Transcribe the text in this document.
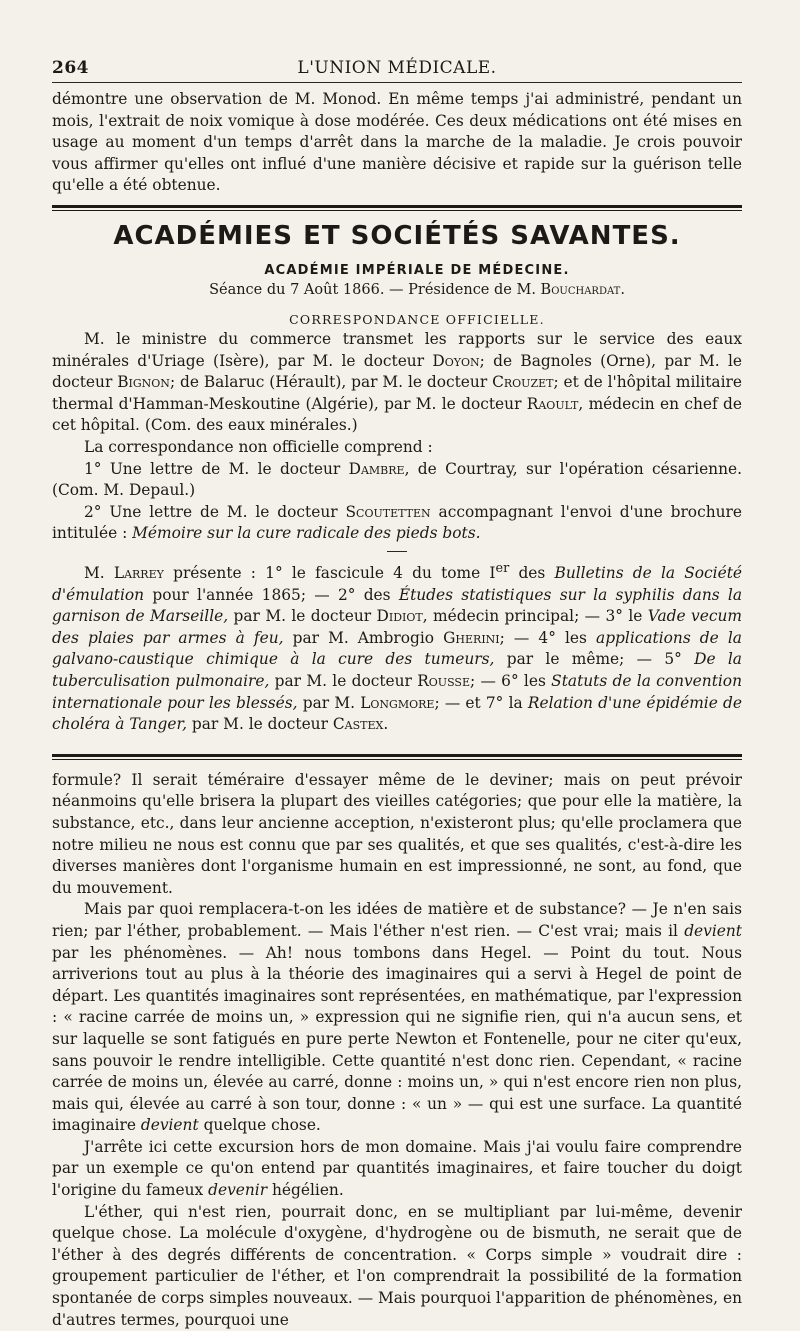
264	L'UNION MÉDICALE.

démontre une observation de M. Monod. En même temps j'ai administré, pendant un mois, l'extrait de noix vomique à dose modérée. Ces deux médications ont été mises en usage au moment d'un temps d'arrêt dans la marche de la maladie. Je crois pouvoir vous affirmer qu'elles ont influé d'une manière décisive et rapide sur la guérison telle qu'elle a été obtenue.

ACADÉMIES ET SOCIÉTÉS SAVANTES.
ACADÉMIE IMPÉRIALE DE MÉDECINE.
Séance du 7 Août 1866. — Présidence de M. Bouchardat.
CORRESPONDANCE OFFICIELLE.

M. le ministre du commerce transmet les rapports sur le service des eaux minérales d'Uriage (Isère), par M. le docteur Doyon; de Bagnoles (Orne), par M. le docteur Bignon; de Balaruc (Hérault), par M. le docteur Crouzet; et de l'hôpital militaire thermal d'Hamman-Meskoutine (Algérie), par M. le docteur Raoult, médecin en chef de cet hôpital. (Com. des eaux minérales.)

La correspondance non officielle comprend :

1° Une lettre de M. le docteur Dambre, de Courtray, sur l'opération césarienne. (Com. M. Depaul.)

2° Une lettre de M. le docteur Scoutetten accompagnant l'envoi d'une brochure intitulée : Mémoire sur la cure radicale des pieds bots.

M. Larrey présente : 1° le fascicule 4 du tome Ier des Bulletins de la Société d'émulation pour l'année 1865; — 2° des Études statistiques sur la syphilis dans la garnison de Marseille, par M. le docteur Didiot, médecin principal; — 3° le Vade vecum des plaies par armes à feu, par M. Ambrogio Gherini; — 4° les applications de la galvano-caustique chimique à la cure des tumeurs, par le même; — 5° De la tuberculisation pulmonaire, par M. le docteur Rousse; — 6° les Statuts de la convention internationale pour les blessés, par M. Longmore; — et 7° la Relation d'une épidémie de choléra à Tanger, par M. le docteur Castex.

formule? Il serait téméraire d'essayer même de le deviner; mais on peut prévoir néanmoins qu'elle brisera la plupart des vieilles catégories; que pour elle la matière, la substance, etc., dans leur ancienne acception, n'existeront plus; qu'elle proclamera que notre milieu ne nous est connu que par ses qualités, et que ses qualités, c'est-à-dire les diverses manières dont l'organisme humain en est impressionné, ne sont, au fond, que du mouvement.

Mais par quoi remplacera-t-on les idées de matière et de substance? — Je n'en sais rien; par l'éther, probablement. — Mais l'éther n'est rien. — C'est vrai; mais il devient par les phénomènes. — Ah! nous tombons dans Hegel. — Point du tout. Nous arriverions tout au plus à la théorie des imaginaires qui a servi à Hegel de point de départ. Les quantités imaginaires sont représentées, en mathématique, par l'expression : « racine carrée de moins un, » expression qui ne signifie rien, qui n'a aucun sens, et sur laquelle se sont fatigués en pure perte Newton et Fontenelle, pour ne citer qu'eux, sans pouvoir le rendre intelligible. Cette quantité n'est donc rien. Cependant, « racine carrée de moins un, élevée au carré, donne : moins un, » qui n'est encore rien non plus, mais qui, élevée au carré à son tour, donne : « un » — qui est une surface. La quantité imaginaire devient quelque chose.

J'arrête ici cette excursion hors de mon domaine. Mais j'ai voulu faire comprendre par un exemple ce qu'on entend par quantités imaginaires, et faire toucher du doigt l'origine du fameux devenir hégélien.

L'éther, qui n'est rien, pourrait donc, en se multipliant par lui-même, devenir quelque chose. La molécule d'oxygène, d'hydrogène ou de bismuth, ne serait que de l'éther à des degrés différents de concentration. « Corps simple » voudrait dire : groupement particulier de l'éther, et l'on comprendrait la possibilité de la formation spontanée de corps simples nouveaux. — Mais pourquoi l'apparition de phénomènes, en d'autres termes, pourquoi une
